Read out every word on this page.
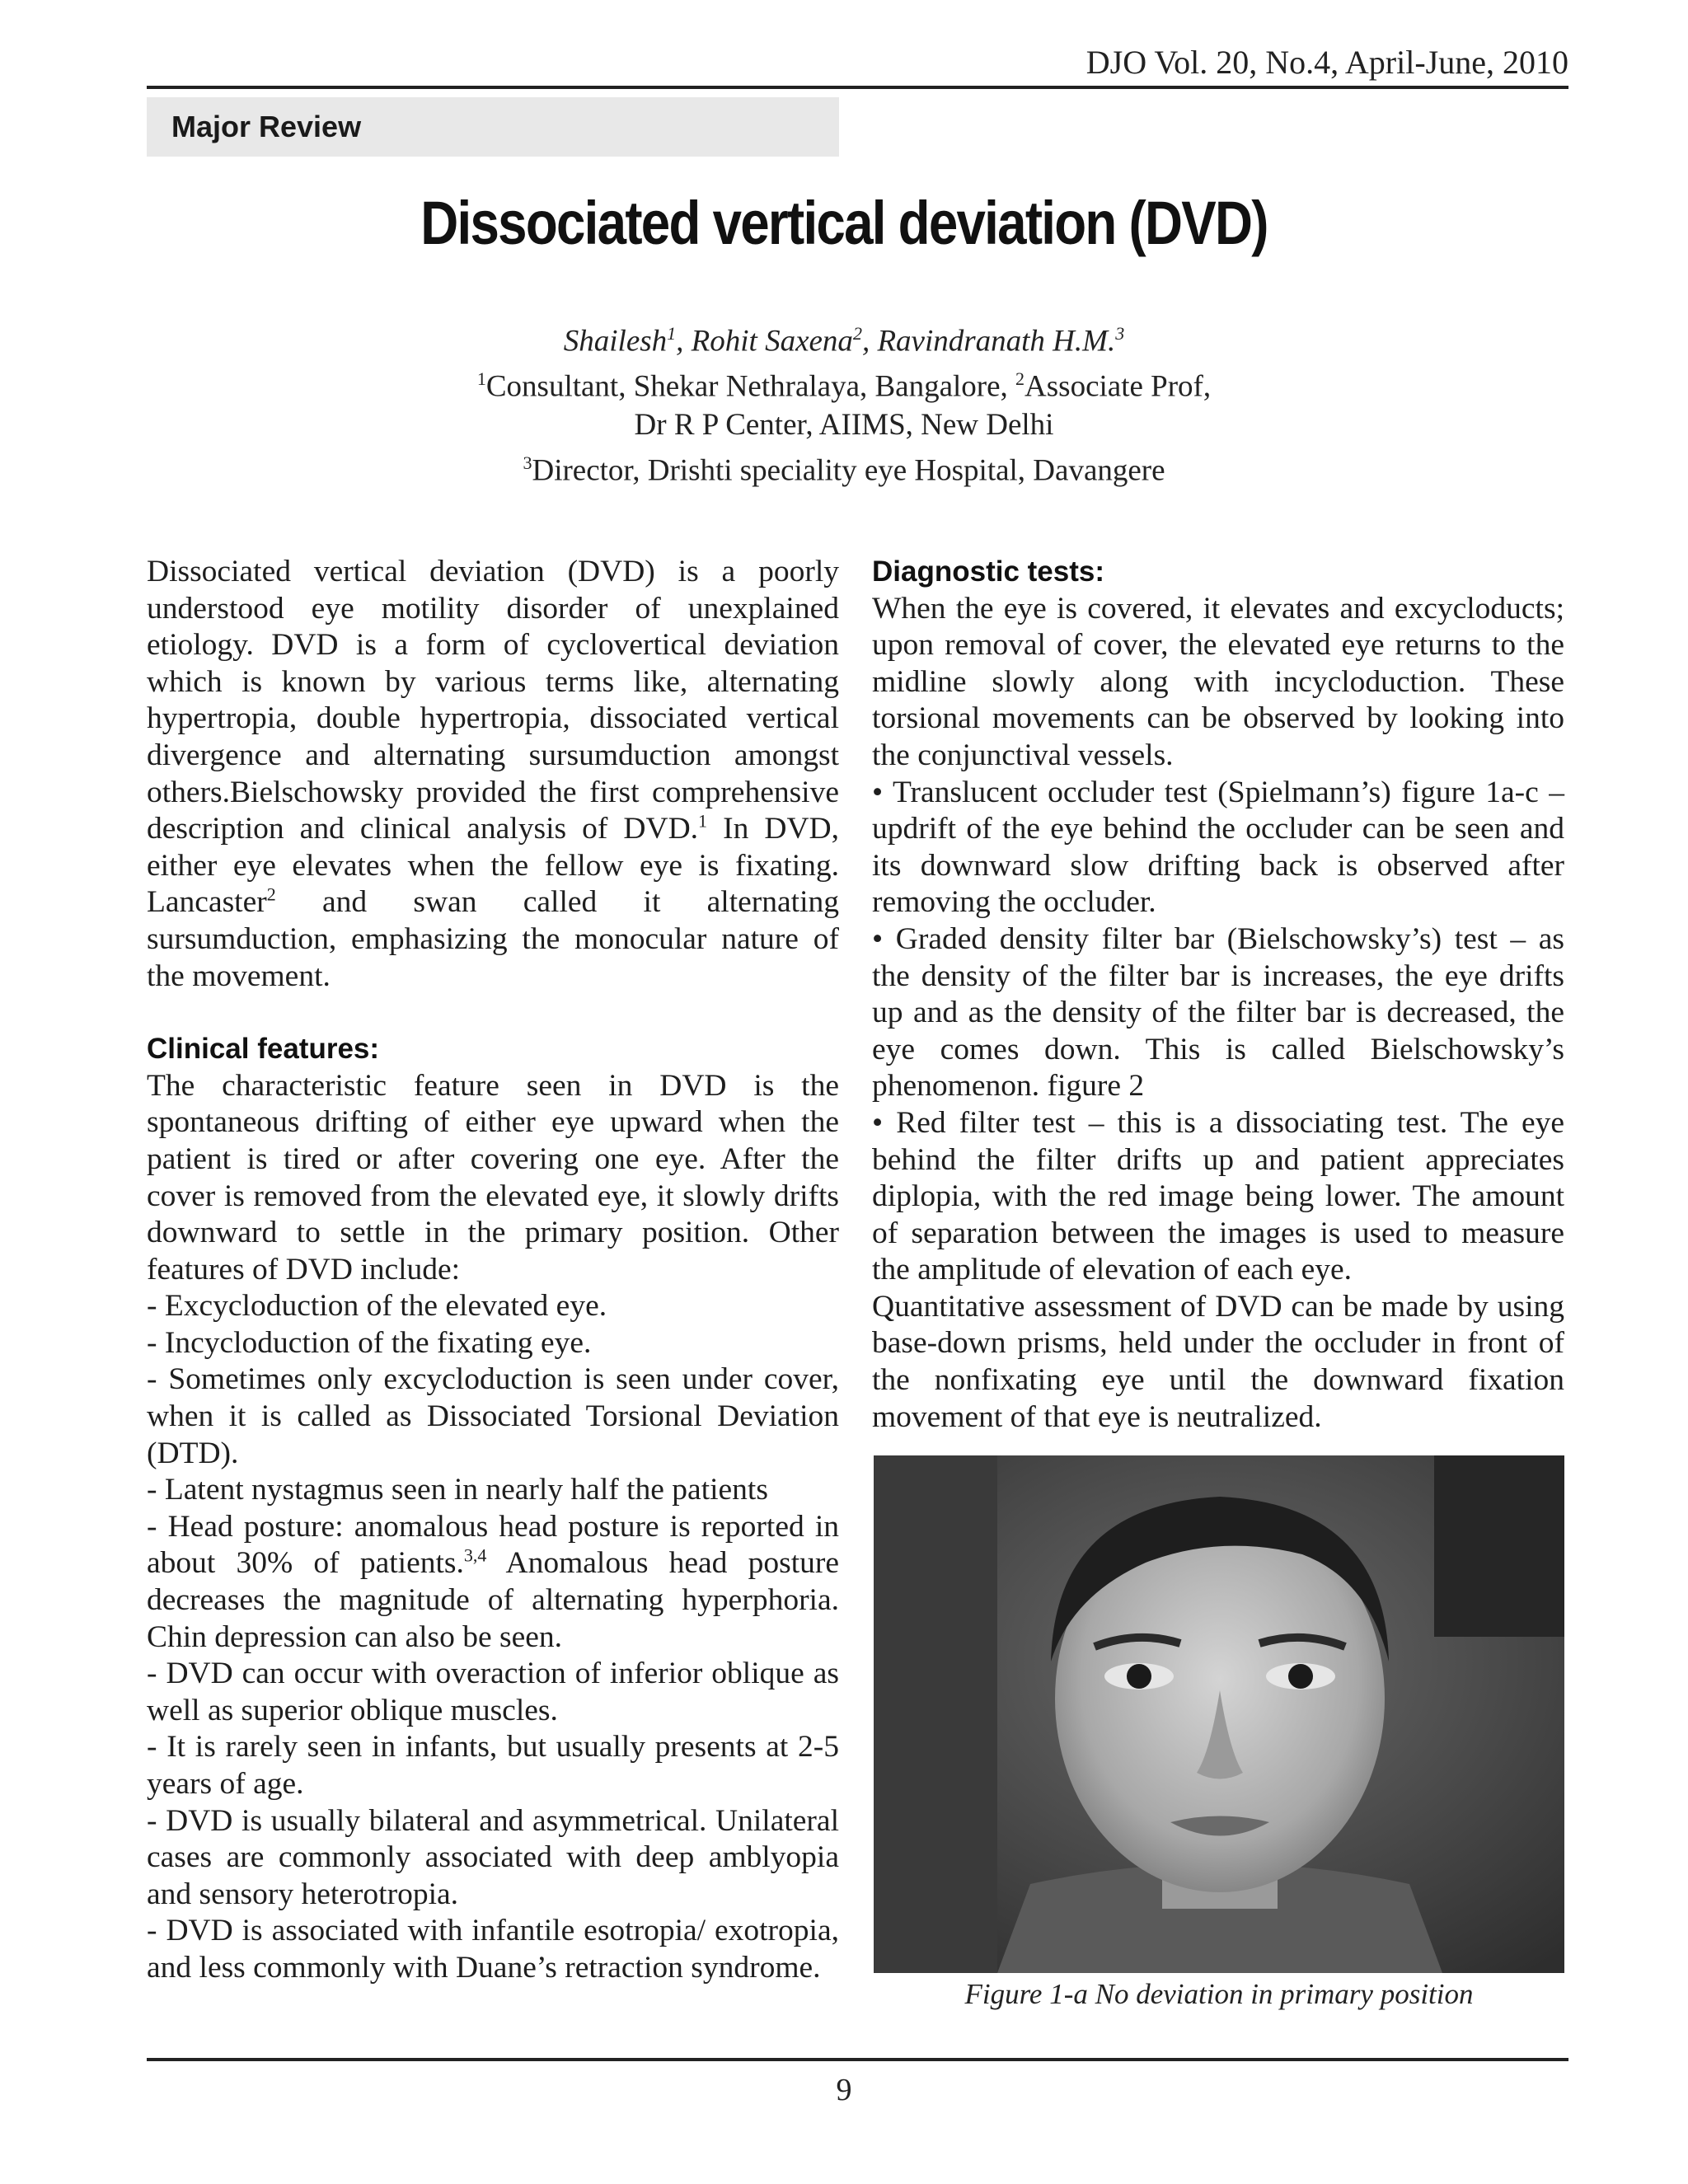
DJO Vol. 20, No.4, April-June, 2010
Major Review
Dissociated vertical deviation (DVD)
Shailesh$^1$, Rohit Saxena$^2$, Ravindranath H.M.$^3$
$^1$Consultant, Shekar Nethralaya, Bangalore, $^2$Associate Prof,
Dr R P Center, AIIMS, New Delhi
$^3$Director, Drishti speciality eye Hospital, Davangere

Dissociated vertical deviation (DVD) is a poorly understood eye motility disorder of unexplained etiology. DVD is a form of cyclovertical deviation which is known by various terms like, alternating hypertropia, double hypertropia, dissociated vertical divergence and alternating sursumduction amongst others.Bielschowsky provided the first comprehensive description and clinical analysis of DVD.$^1$ In DVD, either eye elevates when the fellow eye is fixating. Lancaster$^2$ and swan called it alternating sursumduction, emphasizing the monocular nature of the movement.

Clinical features:

The characteristic feature seen in DVD is the spontaneous drifting of either eye upward when the patient is tired or after covering one eye. After the cover is removed from the elevated eye, it slowly drifts downward to settle in the primary position. Other features of DVD include:

- Excycloduction of the elevated eye.

- Incycloduction of the fixating eye.

- Sometimes only excycloduction is seen under cover, when it is called as Dissociated Torsional Deviation (DTD).

- Latent nystagmus seen in nearly half the patients

- Head posture: anomalous head posture is reported in about 30% of patients.$^{3,4}$ Anomalous head posture decreases the magnitude of alternating hyperphoria. Chin depression can also be seen.

- DVD can occur with overaction of inferior oblique as well as superior oblique muscles.

- It is rarely seen in infants, but usually presents at 2-5 years of age.

- DVD is usually bilateral and asymmetrical. Unilateral cases are commonly associated with deep amblyopia and sensory heterotropia.

- DVD is associated with infantile esotropia/ exotropia, and less commonly with Duane’s retraction syndrome.

Diagnostic tests:

When the eye is covered, it elevates and excycloducts; upon removal of cover, the elevated eye returns to the midline slowly along with incycloduction. These torsional movements can be observed by looking into the conjunctival vessels.

• Translucent occluder test (Spielmann’s) figure 1a-c – updrift of the eye behind the occluder can be seen and its downward slow drifting back is observed after removing the occluder.

• Graded density filter bar (Bielschowsky’s) test – as the density of the filter bar is increases, the eye drifts up and as the density of the filter bar is decreased, the eye comes down. This is called Bielschowsky’s phenomenon. figure 2

• Red filter test – this is a dissociating test. The eye behind the filter drifts up and patient appreciates diplopia, with the red image being lower. The amount of separation between the images is used to measure the amplitude of elevation of each eye.

Quantitative assessment of DVD can be made by using base-down prisms, held under the occluder in front of the nonfixating eye until the downward fixation movement of that eye is neutralized.

Figure 1-a No deviation in primary position
9
